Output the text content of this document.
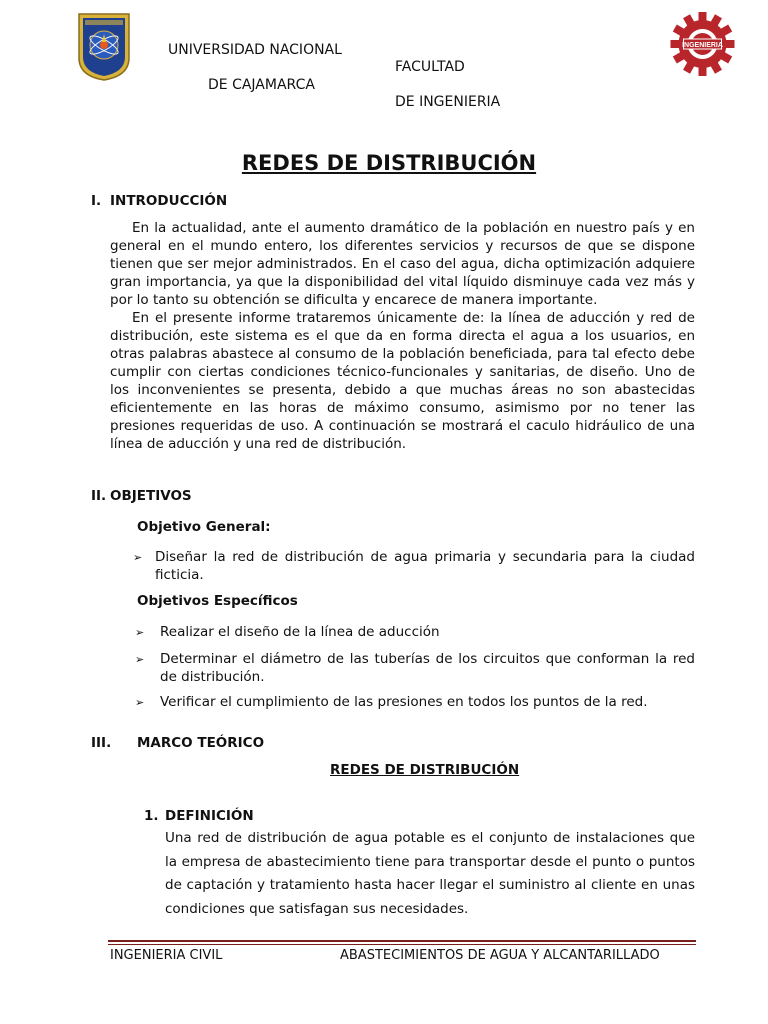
UNIVERSIDAD NACIONAL
DE CAJAMARCA
FACULTAD
DE INGENIERIA
INGENIERIA
REDES DE DISTRIBUCIÓN
I. INTRODUCCIÓN

En la actualidad, ante el aumento dramático de la población en nuestro país y en general en el mundo entero, los diferentes servicios y recursos de que se dispone tienen que ser mejor administrados. En el caso del agua, dicha optimización adquiere gran importancia, ya que la disponibilidad del vital líquido disminuye cada vez más y por lo tanto su obtención se dificulta y encarece de manera importante.

En el presente informe trataremos únicamente de: la línea de aducción y red de distribución, este sistema es el que da en forma directa el agua a los usuarios, en otras palabras abastece al consumo de la población beneficiada, para tal efecto debe cumplir con ciertas condiciones técnico-funcionales y sanitarias, de diseño. Uno de los inconvenientes se presenta, debido a que muchas áreas no son abastecidas eficientemente en las horas de máximo consumo, asimismo por no tener las presiones requeridas de uso. A continuación se mostrará el caculo hidráulico de una línea de aducción y una red de distribución.

II. OBJETIVOS
Objetivo General:
➢ Diseñar la red de distribución de agua primaria y secundaria para la ciudad ficticia.
Objetivos Específicos
➢ Realizar el diseño de la línea de aducción
➢ Determinar el diámetro de las tuberías de los circuitos que conforman la red de distribución.
➢ Verificar el cumplimiento de las presiones en todos los puntos de la red.
III. MARCO TEÓRICO
REDES DE DISTRIBUCIÓN
1. DEFINICIÓN
Una red de distribución de agua potable es el conjunto de instalaciones que la empresa de abastecimiento tiene para transportar desde el punto o puntos de captación y tratamiento hasta hacer llegar el suministro al cliente en unas condiciones que satisfagan sus necesidades.
INGENIERIA CIVIL	ABASTECIMIENTOS DE AGUA Y ALCANTARILLADO
